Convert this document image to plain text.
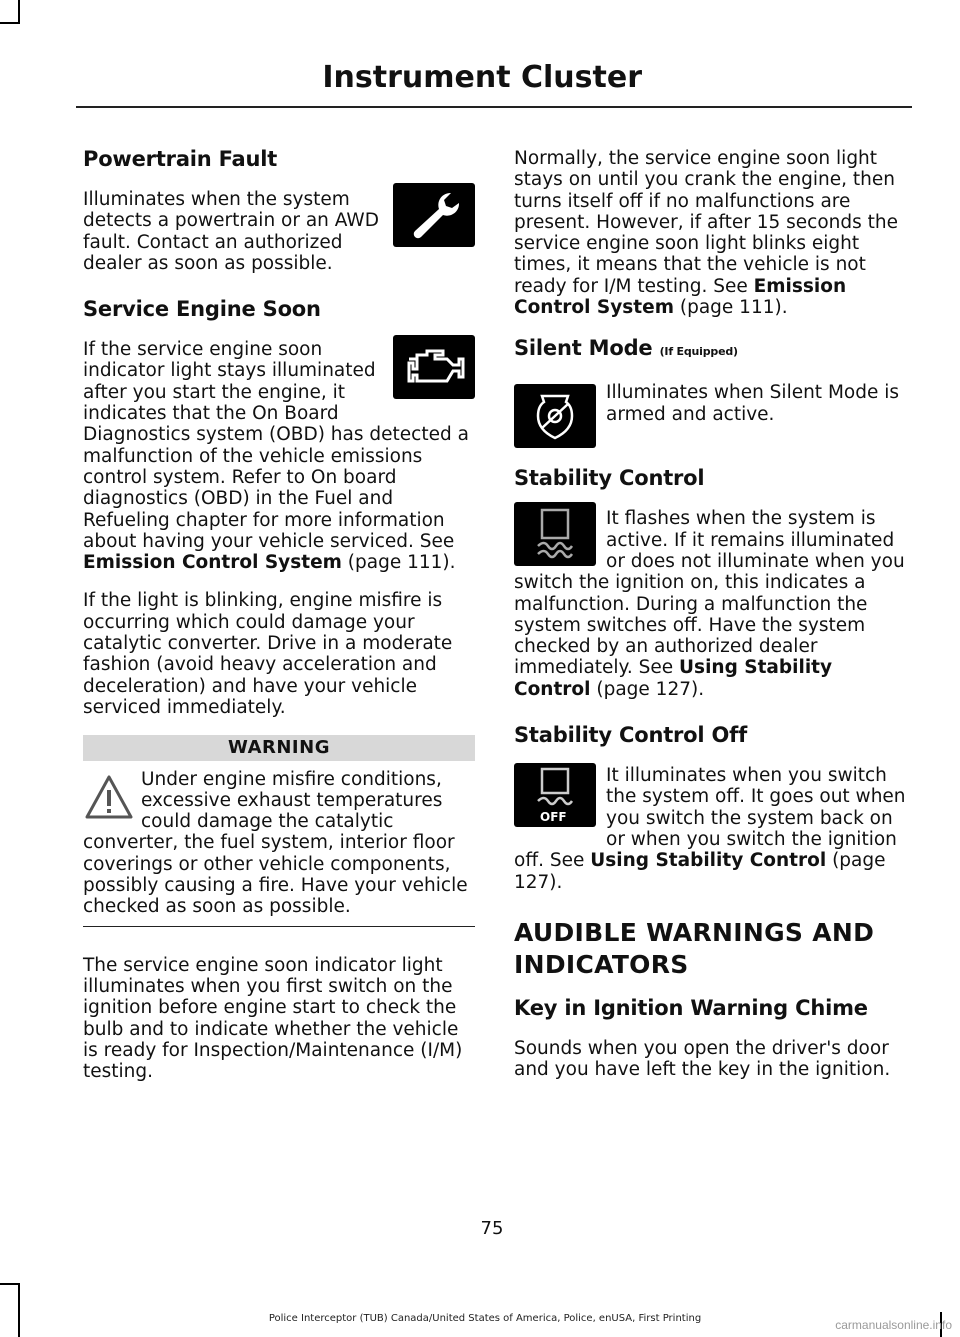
Instrument Cluster
Powertrain Fault

Illuminates when the system detects a powertrain or an AWD fault. Contact an authorized dealer as soon as possible.

Service Engine Soon

If the service engine soon indicator light stays illuminated after you start the engine, it indicates that the On Board Diagnostics system (OBD) has detected a malfunction of the vehicle emissions control system. Refer to On board diagnostics (OBD) in the Fuel and Refueling chapter for more information about having your vehicle serviced. See Emission Control System (page 111).

If the light is blinking, engine misfire is occurring which could damage your catalytic converter. Drive in a moderate fashion (avoid heavy acceleration and deceleration) and have your vehicle serviced immediately.

WARNING
Under engine misfire conditions, excessive exhaust temperatures could damage the catalytic converter, the fuel system, interior floor coverings or other vehicle components, possibly causing a fire. Have your vehicle checked as soon as possible.

The service engine soon indicator light illuminates when you first switch on the ignition before engine start to check the bulb and to indicate whether the vehicle is ready for Inspection/Maintenance (I/M) testing.

Normally, the service engine soon light stays on until you crank the engine, then turns itself off if no malfunctions are present. However, if after 15 seconds the service engine soon light blinks eight times, it means that the vehicle is not ready for I/M testing. See Emission Control System (page 111).

Silent Mode (If Equipped)

Illuminates when Silent Mode is armed and active.

Stability Control

It flashes when the system is active. If it remains illuminated or does not illuminate when you switch the ignition on, this indicates a malfunction. During a malfunction the system switches off. Have the system checked by an authorized dealer immediately. See Using Stability Control (page 127).

Stability Control Off
OFF

It illuminates when you switch the system off. It goes out when you switch the system back on or when you switch the ignition off. See Using Stability Control (page 127).

AUDIBLE WARNINGS AND INDICATORS
Key in Ignition Warning Chime

Sounds when you open the driver's door and you have left the key in the ignition.

75
Police Interceptor (TUB) Canada/United States of America, Police, enUSA, First Printing	carmanualsonline.info
